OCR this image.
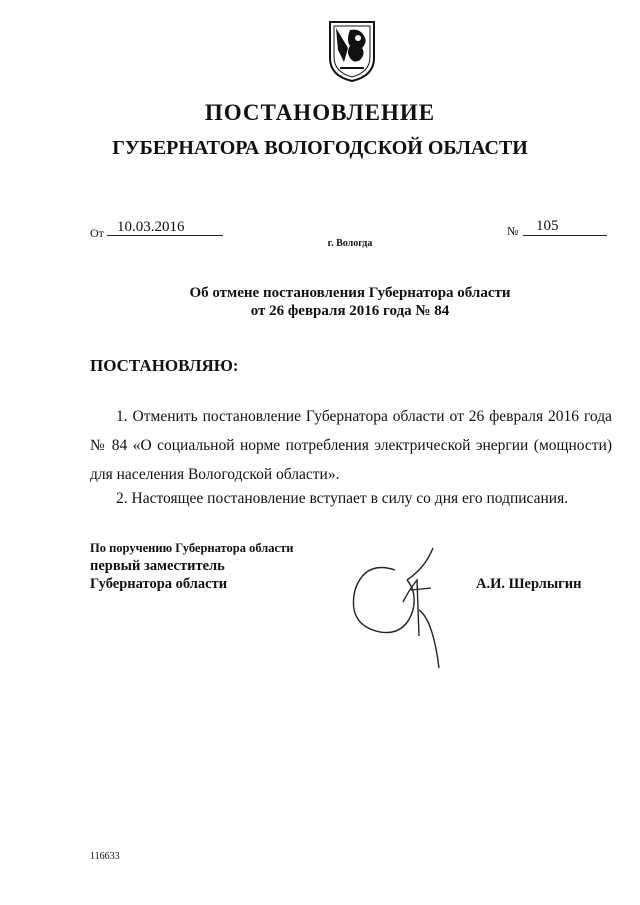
ПОСТАНОВЛЕНИЕ
ГУБЕРНАТОРА ВОЛОГОДСКОЙ ОБЛАСТИ
От 10.03.2016	№ 105
г. Вологда
Об отмене постановления Губернатора области
от 26 февраля 2016 года № 84
ПОСТАНОВЛЯЮ:
1. Отменить постановление Губернатора области от 26 февраля 2016 года № 84 «О социальной норме потребления электрической энергии (мощности) для населения Вологодской области».
2. Настоящее постановление вступает в силу со дня его подписания.
По поручению Губернатора области
первый заместитель
Губернатора области	А.И. Шерлыгин
116633
